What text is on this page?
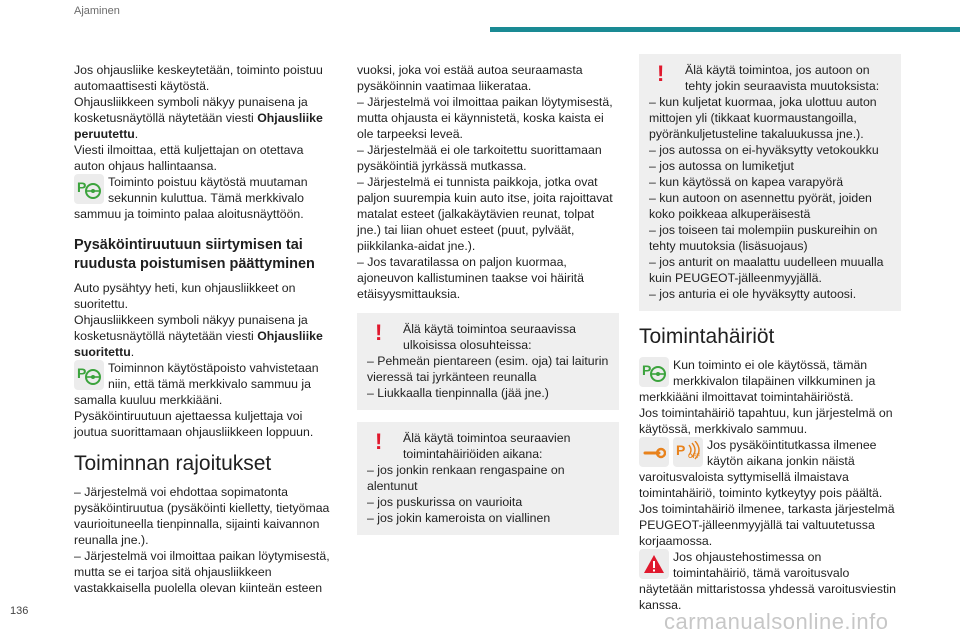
Ajaminen

Jos ohjausliike keskeytetään, toiminto poistuu automaattisesti käytöstä.

Ohjausliikkeen symboli näkyy punaisena ja kosketusnäytöllä näytetään viesti Ohjausliike peruutettu.

Viesti ilmoittaa, että kuljettajan on otettava auton ohjaus hallintaansa.

P Toiminto poistuu käytöstä muutaman sekunnin kuluttua. Tämä merkkivalo sammuu ja toiminto palaa aloitusnäyttöön.
Pysäköintiruutuun siirtymisen tai ruudusta poistumisen päättyminen

Auto pysähtyy heti, kun ohjausliikkeet on suoritettu.

Ohjausliikkeen symboli näkyy punaisena ja kosketusnäytöllä näytetään viesti Ohjausliike suoritettu.

P Toiminnon käytöstäpoisto vahvistetaan niin, että tämä merkkivalo sammuu ja samalla kuuluu merkkiääni.

Pysäköintiruutuun ajettaessa kuljettaja voi joutua suorittamaan ohjausliikkeen loppuun.

Toiminnan rajoitukset

– Järjestelmä voi ehdottaa sopimatonta pysäköintiruutua (pysäköinti kielletty, tietyömaa vaurioituneella tienpinnalla, sijainti kaivannon reunalla jne.).

– Järjestelmä voi ilmoittaa paikan löytymisestä, mutta se ei tarjoa sitä ohjausliikkeen vastakkaisella puolella olevan kiinteän esteen

vuoksi, joka voi estää autoa seuraamasta pysäköinnin vaatimaa liikerataa.

– Järjestelmä voi ilmoittaa paikan löytymisestä, mutta ohjausta ei käynnistetä, koska kaista ei ole tarpeeksi leveä.

– Järjestelmää ei ole tarkoitettu suorittamaan pysäköintiä jyrkässä mutkassa.

– Järjestelmä ei tunnista paikkoja, jotka ovat paljon suurempia kuin auto itse, joita rajoittavat matalat esteet (jalkakäytävien reunat, tolpat jne.) tai liian ohuet esteet (puut, pylväät, piikkilanka-aidat jne.).

– Jos tavaratilassa on paljon kuormaa, ajoneuvon kallistuminen taakse voi häiritä etäisyysmittauksia.

!	Älä käytä toimintoa seuraavissa ulkoisissa olosuhteissa:

– Pehmeän pientareen (esim. oja) tai laiturin vieressä tai jyrkänteen reunalla

– Liukkaalla tienpinnalla (jää jne.)

!	Älä käytä toimintoa seuraavien toimintahäiriöiden aikana:

– jos jonkin renkaan rengaspaine on alentunut

– jos puskurissa on vaurioita

– jos jokin kameroista on viallinen

!	Älä käytä toimintoa, jos autoon on tehty jokin seuraavista muutoksista:

– kun kuljetat kuormaa, joka ulottuu auton mittojen yli (tikkaat kuormaustangoilla, pyöränkuljetusteline takaluukussa jne.).

– jos autossa on ei-hyväksytty vetokoukku

– jos autossa on lumiketjut

– kun käytössä on kapea varapyörä

– kun autoon on asennettu pyörät, joiden koko poikkeaa alkuperäisestä

– jos toiseen tai molempiin puskureihin on tehty muutoksia (lisäsuojaus)

– jos anturit on maalattu uudelleen muualla kuin PEUGEOT-jälleenmyyjällä.

– jos anturia ei ole hyväksytty autoosi.

Toimintahäiriöt
P Kun toiminto ei ole käytössä, tämän merkkivalon tilapäinen vilkkuminen ja merkkiääni ilmoittavat toimintahäiriöstä.

Jos toimintahäiriö tapahtuu, kun järjestelmä on käytössä, merkkivalo sammuu.

P OFF
Jos pysäköintitutkassa ilmenee käytön aikana jonkin näistä varoitusvaloista syttymisellä ilmaistava toimintahäiriö, toiminto kytkeytyy pois päältä.

Jos toimintahäiriö ilmenee, tarkasta järjestelmä PEUGEOT-jälleenmyyjällä tai valtuutetussa korjaamossa.

Jos ohjaustehostimessa on toimintahäiriö, tämä varoitusvalo näytetään mittaristossa yhdessä varoitusviestin kanssa.
136	carmanualsonline.info
